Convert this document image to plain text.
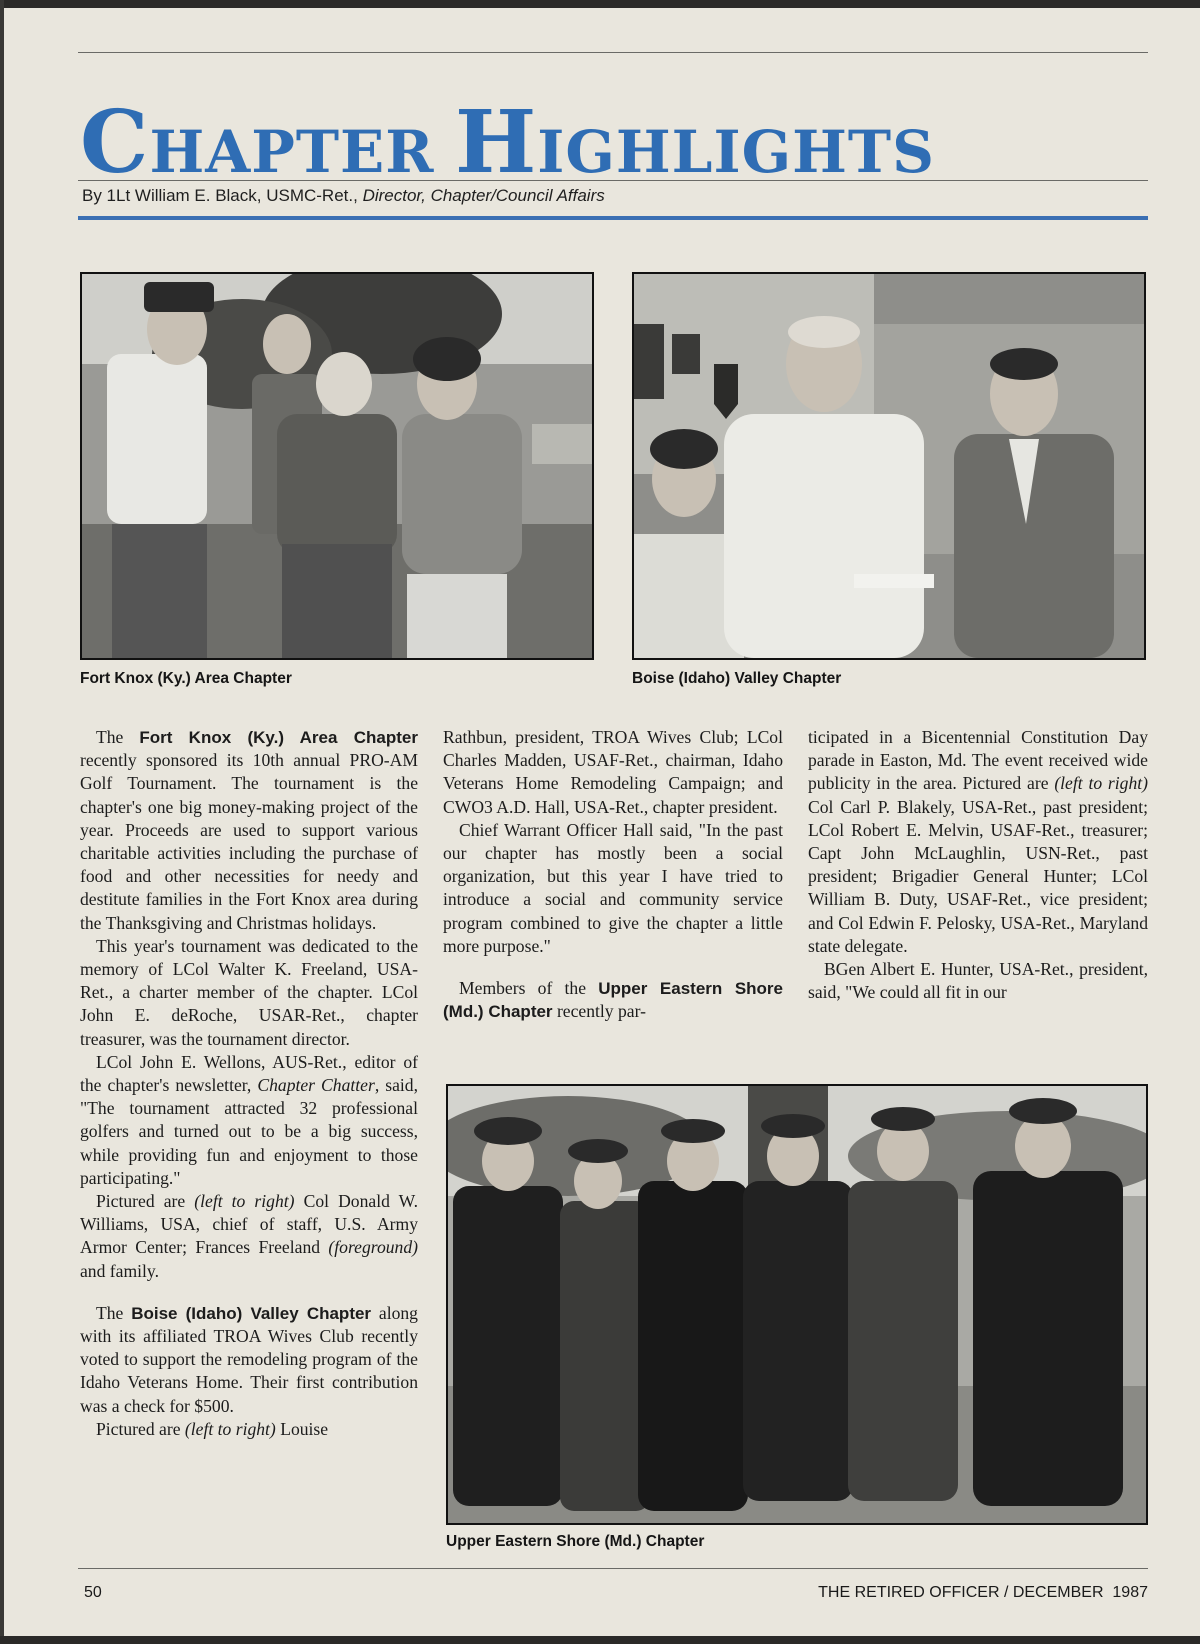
CHAPTER HIGHLIGHTS
By 1Lt William E. Black, USMC-Ret., Director, Chapter/Council Affairs
Fort Knox (Ky.) Area Chapter	Boise (Idaho) Valley Chapter
Upper Eastern Shore (Md.) Chapter

The Fort Knox (Ky.) Area Chapter recently sponsored its 10th annual PRO-AM Golf Tournament. The tournament is the chapter's one big money-making project of the year. Proceeds are used to support various charitable activities including the purchase of food and other necessities for needy and destitute families in the Fort Knox area during the Thanksgiving and Christmas holidays.

This year's tournament was dedicated to the memory of LCol Walter K. Freeland, USA-Ret., a charter member of the chapter. LCol John E. deRoche, USAR-Ret., chapter treasurer, was the tournament director.

LCol John E. Wellons, AUS-Ret., editor of the chapter's newsletter, Chapter Chatter, said, "The tournament attracted 32 professional golfers and turned out to be a big success, while providing fun and enjoyment to those participating."

Pictured are (left to right) Col Donald W. Williams, USA, chief of staff, U.S. Army Armor Center; Frances Freeland (foreground) and family.

The Boise (Idaho) Valley Chapter along with its affiliated TROA Wives Club recently voted to support the remodeling program of the Idaho Veterans Home. Their first contribution was a check for $500.

Pictured are (left to right) Louise

Rathbun, president, TROA Wives Club; LCol Charles Madden, USAF-Ret., chairman, Idaho Veterans Home Remodeling Campaign; and CWO3 A.D. Hall, USA-Ret., chapter president.

Chief Warrant Officer Hall said, "In the past our chapter has mostly been a social organization, but this year I have tried to introduce a social and community service program combined to give the chapter a little more purpose."

Members of the Upper Eastern Shore (Md.) Chapter recently par-

ticipated in a Bicentennial Constitution Day parade in Easton, Md. The event received wide publicity in the area. Pictured are (left to right) Col Carl P. Blakely, USA-Ret., past president; LCol Robert E. Melvin, USAF-Ret., treasurer; Capt John McLaughlin, USN-Ret., past president; Brigadier General Hunter; LCol William B. Duty, USAF-Ret., vice president; and Col Edwin F. Pelosky, USA-Ret., Maryland state delegate.

BGen Albert E. Hunter, USA-Ret., president, said, "We could all fit in our

50	THE RETIRED OFFICER / DECEMBER  1987
